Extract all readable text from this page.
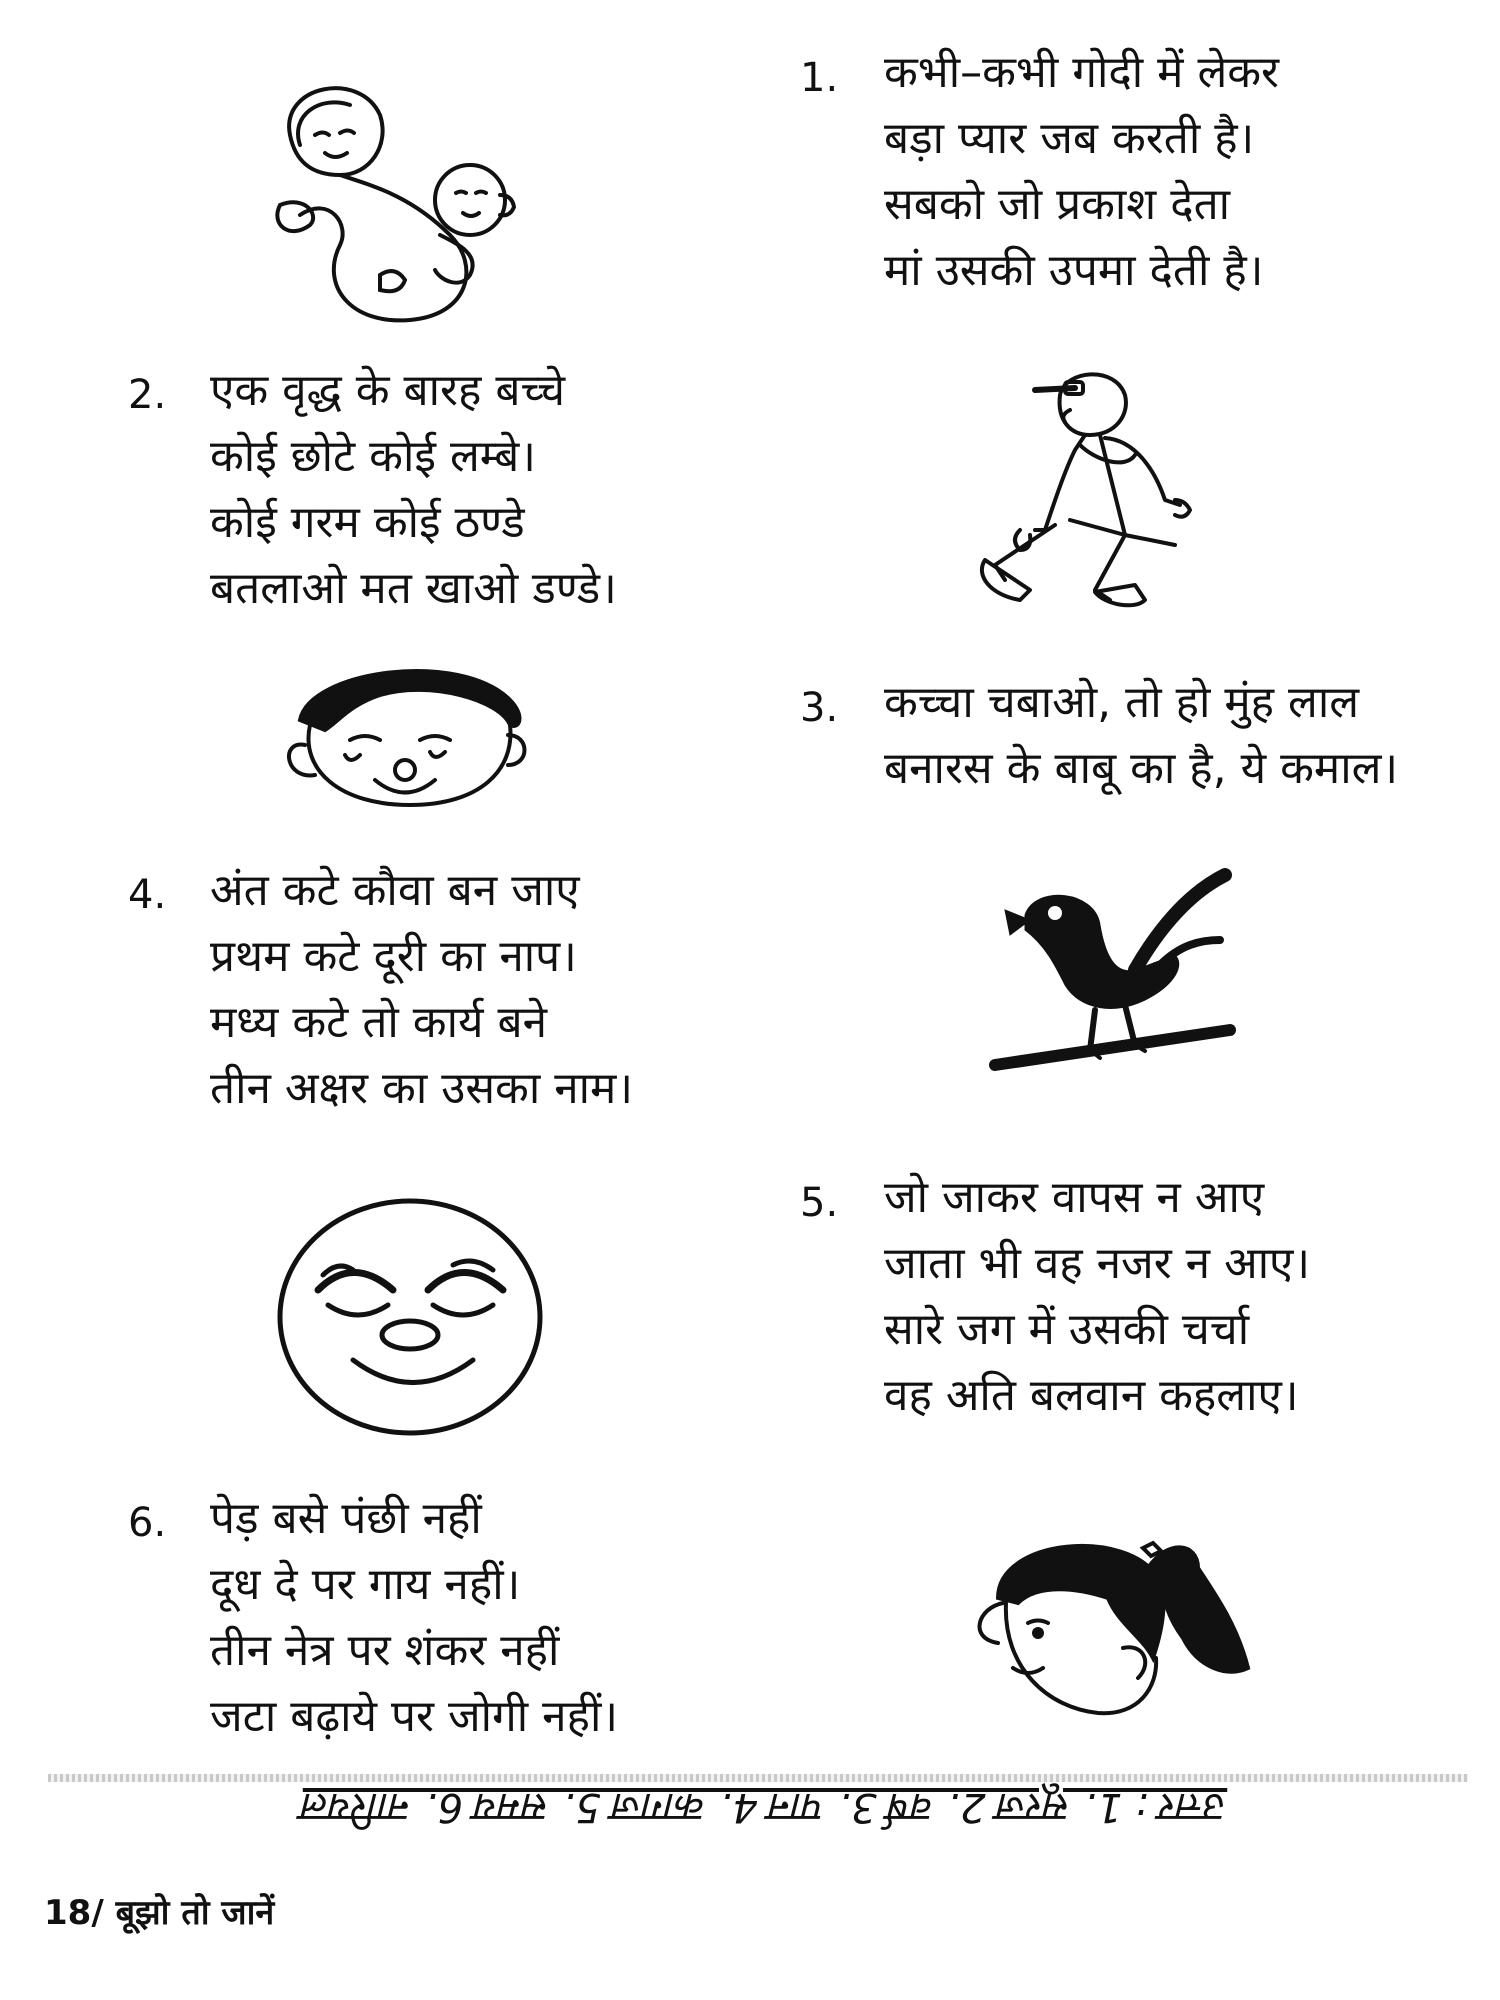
1. कभी–कभी गोदी में लेकर
बड़ा प्यार जब करती है।
सबको जो प्रकाश देता
मां उसकी उपमा देती है।
2. एक वृद्ध के बारह बच्चे
कोई छोटे कोई लम्बे।
कोई गरम कोई ठण्डे
बतलाओ मत खाओ डण्डे।
3. कच्चा चबाओ, तो हो मुंह लाल
बनारस के बाबू का है, ये कमाल।
4. अंत कटे कौवा बन जाए
प्रथम कटे दूरी का नाप।
मध्य कटे तो कार्य बने
तीन अक्षर का उसका नाम।
5. जो जाकर वापस न आए
जाता भी वह नजर न आए।
सारे जग में उसकी चर्चा
वह अति बलवान कहलाए।
6. पेड़ बसे पंछी नहीं
दूध दे पर गाय नहीं।
तीन नेत्र पर शंकर नहीं
जटा बढ़ाये पर जोगी नहीं।
उत्तर : 1. सूरज 2. वर्ष 3. पान 4. कागज 5. समय 6. नारियल
18/ बूझो तो जानें
